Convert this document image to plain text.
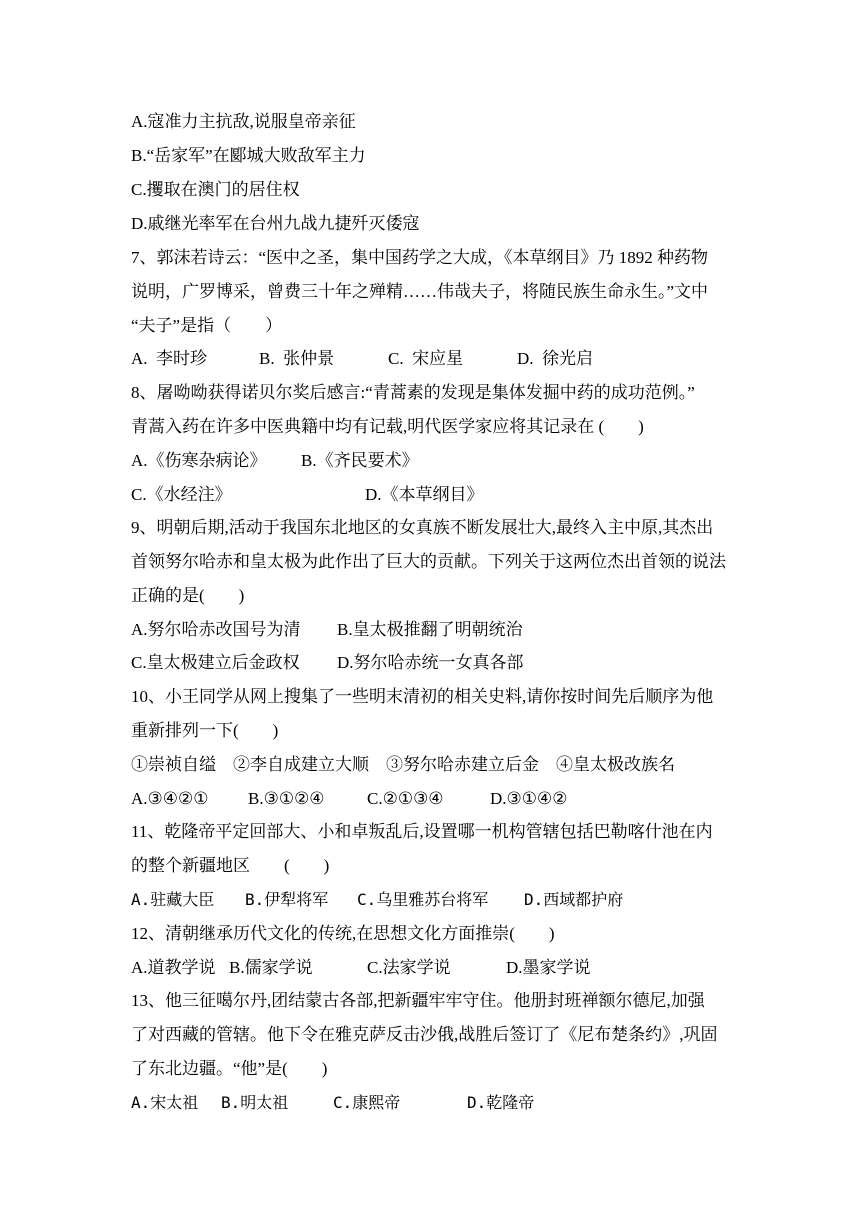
A.寇准力主抗敌,说服皇帝亲征
B.“岳家军”在郾城大败敌军主力
C.攫取在澳门的居住权
D.戚继光率军在台州九战九捷歼灭倭寇
7、郭沫若诗云：“医中之圣，集中国药学之大成，《本草纲目》乃 1892 种药物
说明，广罗博采，曾费三十年之殚精……伟哉夫子，将随民族生命永生。”文中
“夫子”是指（　　）
A.  李时珍	B.  张仲景	C.  宋应星	D.  徐光启
8、屠呦呦获得诺贝尔奖后感言:“青蒿素的发现是集体发掘中药的成功范例。”
青蒿入药在许多中医典籍中均有记载,明代医学家应将其记录在 (　　)
A.《伤寒杂病论》 B.《齐民要术》
C.《水经注》	D.《本草纲目》
9、明朝后期,活动于我国东北地区的女真族不断发展壮大,最终入主中原,其杰出
首领努尔哈赤和皇太极为此作出了巨大的贡献。下列关于这两位杰出首领的说法
正确的是(　　)
A.努尔哈赤改国号为清 B.皇太极推翻了明朝统治
C.皇太极建立后金政权 D.努尔哈赤统一女真各部
10、小王同学从网上搜集了一些明末清初的相关史料,请你按时间先后顺序为他
重新排列一下(　　)
①崇祯自缢　②李自成建立大顺　③努尔哈赤建立后金　④皇太极改族名
A.③④②① B.③①②④ C.②①③④	D.③①④②
11、乾隆帝平定回部大、小和卓叛乱后,设置哪一机构管辖包括巴勒喀什池在内
的整个新疆地区　　(　　)
A.驻藏大臣 B.伊犁将军 C.乌里雅苏台将军 D.西域都护府
12、清朝继承历代文化的传统,在思想文化方面推崇(　　)
A.道教学说 B.儒家学说	C.法家学说	D.墨家学说
13、他三征噶尔丹,团结蒙古各部,把新疆牢牢守住。他册封班禅额尔德尼,加强
了对西藏的管辖。他下令在雅克萨反击沙俄,战胜后签订了《尼布楚条约》,巩固
了东北边疆。“他”是(　　)
A.宋太祖 B.明太祖	C.康熙帝	D.乾隆帝
